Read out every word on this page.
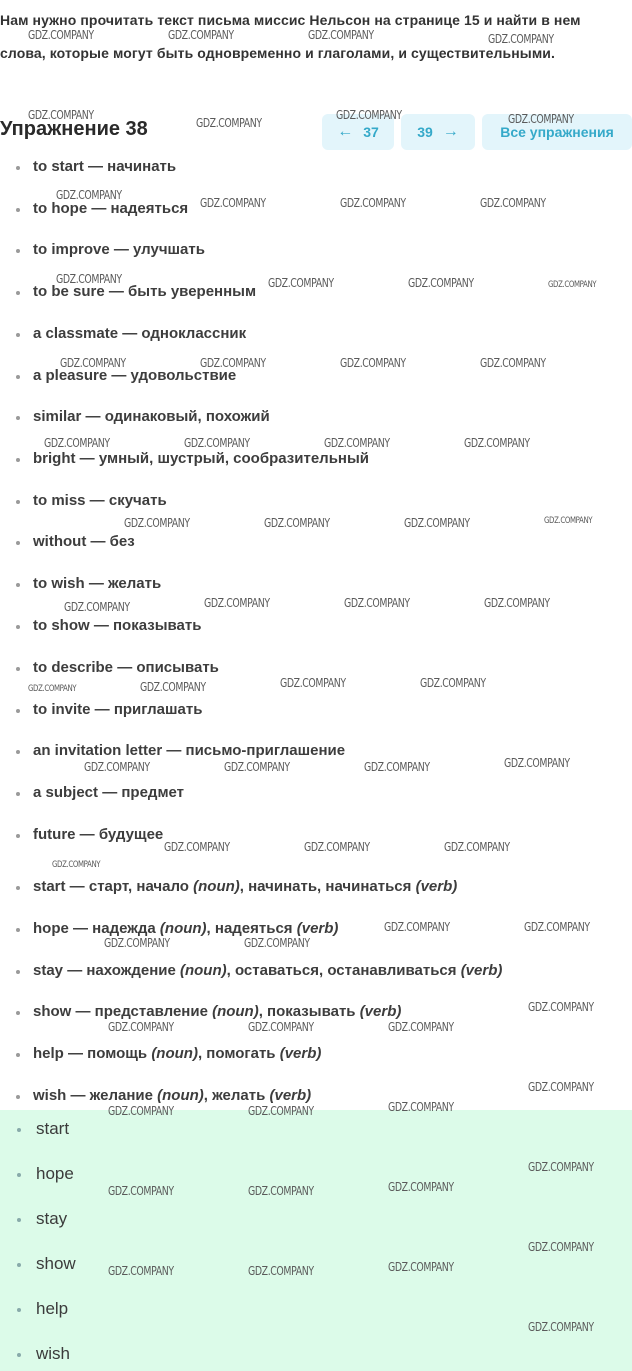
Нам нужно прочитать текст письма миссис Нельсон на странице 15 и найти в нем слова, которые могут быть одновременно и глаголами, и существительными.
Упражнение 38	← 37	39 →	Все упражнения
to start — начинать
to hope — надеяться
to improve — улучшать
to be sure — быть уверенным
a classmate — одноклассник
a pleasure — удовольствие
similar — одинаковый, похожий
bright — умный, шустрый, сообразительный
to miss — скучать
without — без
to wish — желать
to show — показывать
to describe — описывать
to invite — приглашать
an invitation letter — письмо-приглашение
a subject — предмет
future — будущее
start — старт, начало (noun), начинать, начинаться (verb)
hope — надежда (noun), надеяться (verb)
stay — нахождение (noun), оставаться, останавливаться (verb)
show — представление (noun), показывать (verb)
help — помощь (noun), помогать (verb)
wish — желание (noun), желать (verb)
start
hope
stay
show
help
wish
GDZ.COMPANY	GDZ.COMPANY	GDZ.COMPANY	GDZ.COMPANY
GDZ.COMPANY
GDZ.COMPANY
GDZ.COMPANY	GDZ.COMPANY
GDZ.COMPANY
GDZ.COMPANY	GDZ.COMPANY	GDZ.COMPANY
GDZ.COMPANY	GDZ.COMPANY	GDZ.COMPANY	GDZ.COMPANY
GDZ.COMPANY	GDZ.COMPANY	GDZ.COMPANY	GDZ.COMPANY
GDZ.COMPANY	GDZ.COMPANY	GDZ.COMPANY	GDZ.COMPANY
GDZ.COMPANY	GDZ.COMPANY	GDZ.COMPANY	GDZ.COMPANY
GDZ.COMPANY	GDZ.COMPANY	GDZ.COMPANY	GDZ.COMPANY
GDZ.COMPANY	GDZ.COMPANY	GDZ.COMPANY	GDZ.COMPANY
GDZ.COMPANY	GDZ.COMPANY	GDZ.COMPANY	GDZ.COMPANY
GDZ.COMPANY	GDZ.COMPANY	GDZ.COMPANY
GDZ.COMPANY
GDZ.COMPANY	GDZ.COMPANY
GDZ.COMPANY	GDZ.COMPANY
GDZ.COMPANY
GDZ.COMPANY	GDZ.COMPANY	GDZ.COMPANY
GDZ.COMPANY
GDZ.COMPANY	GDZ.COMPANY	GDZ.COMPANY
GDZ.COMPANY
GDZ.COMPANY	GDZ.COMPANY	GDZ.COMPANY
GDZ.COMPANY
GDZ.COMPANY	GDZ.COMPANY	GDZ.COMPANY
GDZ.COMPANY
